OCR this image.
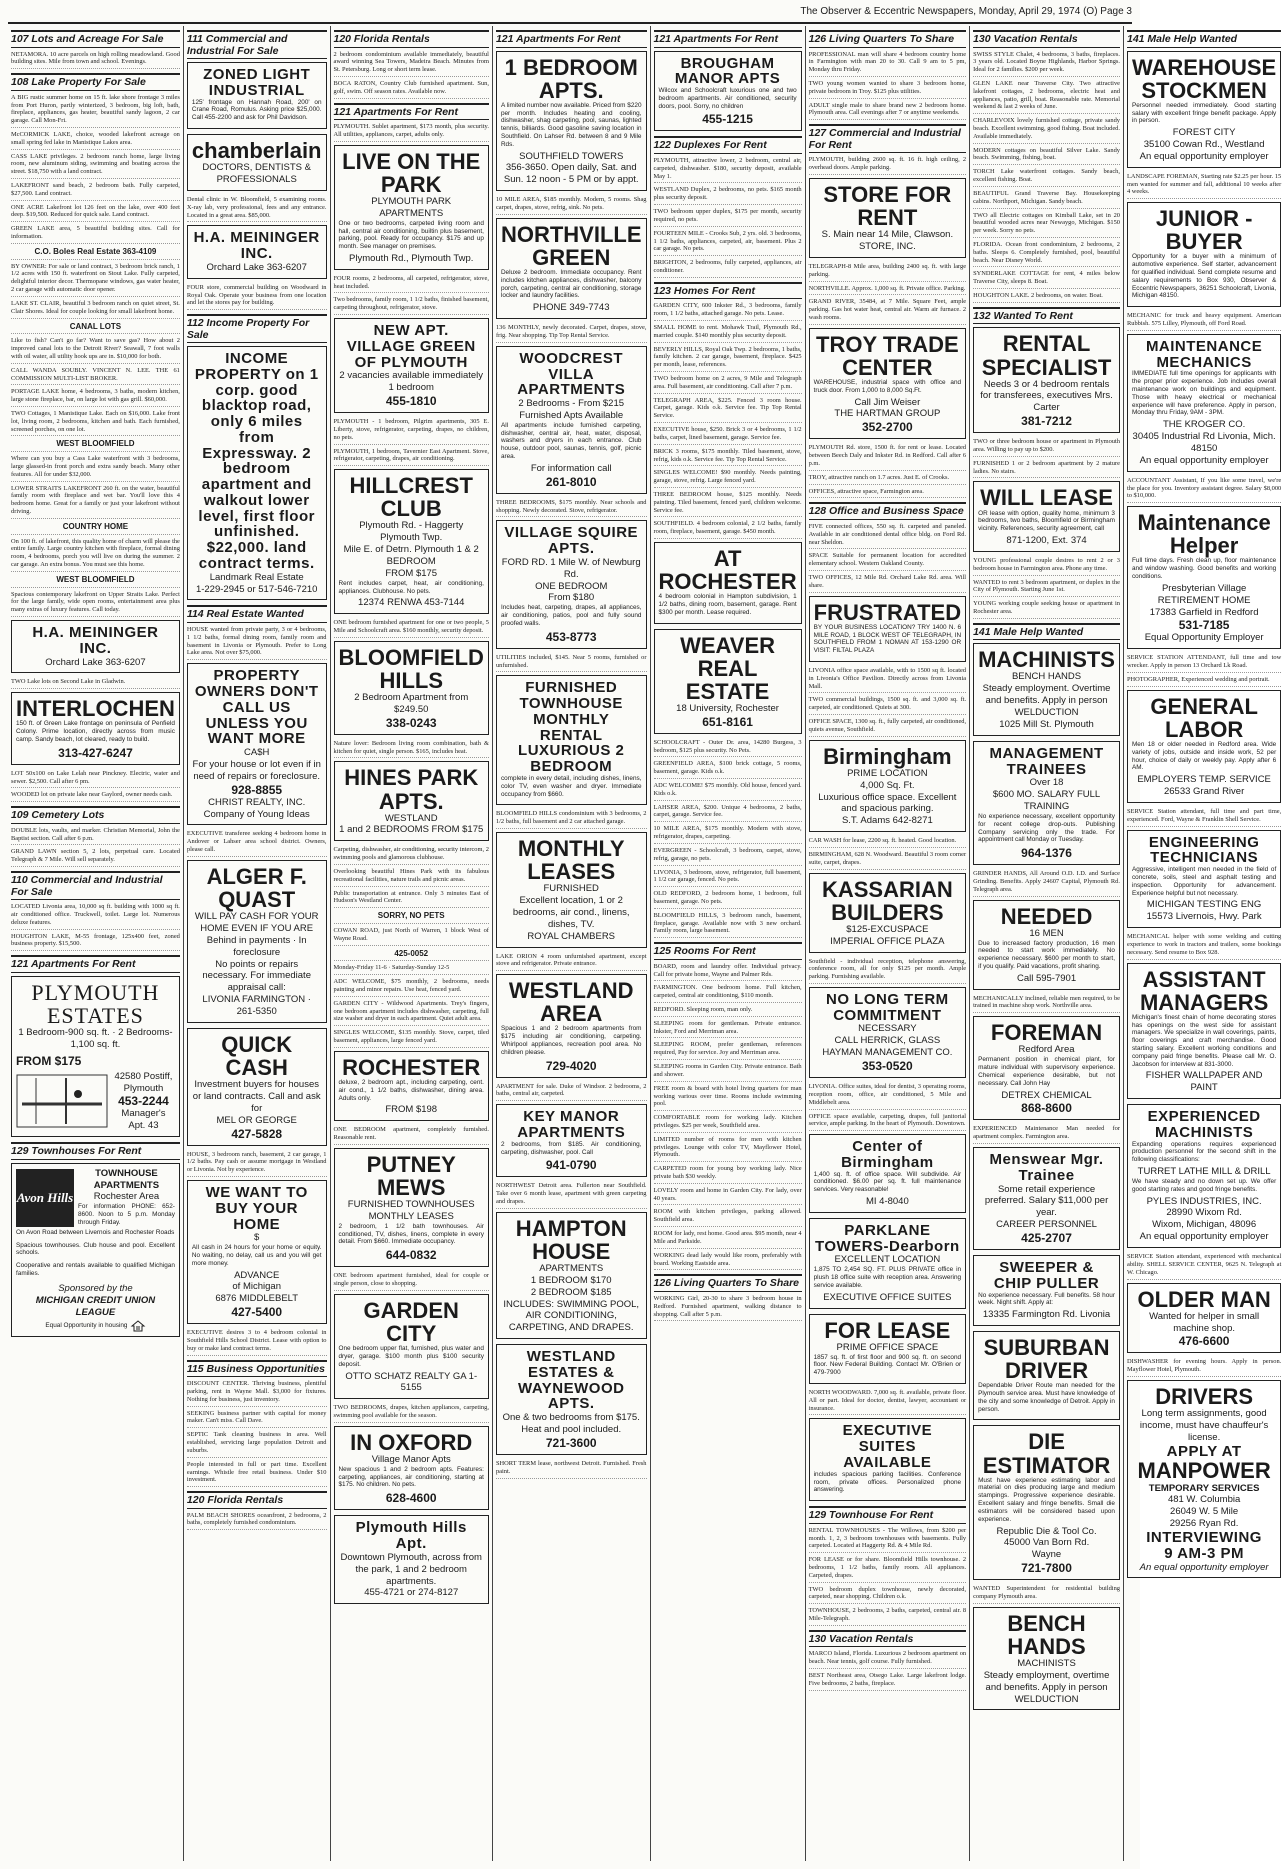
The Observer & Eccentric Newspapers, Monday, April 29, 1974 (O) Page 3
107 Lots and Acreage For Sale
NETAMORA. 10 acre parcels on high rolling meadowland. Good building sites. Mile from town and school. Evenings.
108 Lake Property For Sale
A BIG rustic summer home on 15 ft. lake shore frontage 3 miles from Port Huron, partly winterized, 3 bedroom, big loft, bath, fireplace, appliances, gas heater, beautiful sandy lagoon, 2 car garage. Call Mon-Fri.
McCORMICK LAKE, choice, wooded lakefront acreage on small spring fed lake in Manistique Lakes area.
CASS LAKE privileges. 2 bedroom ranch home, large living room, new aluminum siding, swimming and boating across the street. $18,750 with a land contract.
LAKEFRONT sand beach, 2 bedroom bath. Fully carpeted, $27,500. Land contract.
ONE ACRE Lakefront lot 126 feet on the lake, over 400 feet deep. $19,500. Reduced for quick sale. Land contract.
GREEN LAKE area, 5 beautiful building sites. Call for information.
C.O. Boles Real Estate 363-4109
BY OWNER: For sale or land contract, 3 bedroom brick ranch, 1 1/2 acres with 150 ft. waterfront on Stout Lake. Fully carpeted, delightful interior decor. Thermopane windows, gas water heater, 2 car garage with automatic door opener.
LAKE ST. CLAIR, beautiful 3 bedroom ranch on quiet street, St. Clair Shores. Ideal for couple looking for small lakefront home.
CANAL LOTS
Like to fish? Can't go far? Want to save gas? How about 2 improved canal lots to the Detroit River? Seawall, 7 foot walls with oil water, all utility hook ups are in. $10,000 for both.
CALL WANDA SOUBLY. VINCENT N. LEE. THE 61 COMMISSION MULTI-LIST BROKER.
PORTAGE LAKE home, 4 bedrooms, 3 baths, modern kitchen, large stone fireplace, bar, on large lot with gas grill. $60,000.
TWO Cottages, 1 Manistique Lake. Each on $16,000. Lake front lot, living room, 2 bedrooms, kitchen and bath. Each furnished, screened porches, on one lot.
WEST BLOOMFIELD
Where can you buy a Cass Lake waterfront with 3 bedrooms, large glassed-in front porch and extra sandy beach. Many other features. All for under $32,000.
LOWER STRAITS LAKEFRONT 260 ft. on the water, beautiful family room with fireplace and wet bar. You'll love this 4 bedroom home. Great for a family or just your lakefront without driving.
COUNTRY HOME
On 100 ft. of lakefront, this quality home of charm will please the entire family. Large country kitchen with fireplace, formal dining room, 4 bedrooms, porch you will live on during the summer. 2 car garage. An extra bonus. You must see this home.
WEST BLOOMFIELD
Spacious contemporary lakefront on Upper Straits Lake. Perfect for the large family, wide open rooms, entertainment area plus many extras of luxury features. Call today.
H.A. MEININGER INC.
Orchard Lake 363-6207
TWO Lake lots on Second Lake in Gladwin.
INTERLOCHEN
150 ft. of Green Lake frontage on peninsula of Penfield Colony. Prime location, directly across from music camp. Sandy beach, lot cleared, ready to build.
313-427-6247
LOT 50x100 on Lake Lelah near Pinckney. Electric, water and sewer. $2,500. Call after 6 pm.
WOODED lot on private lake near Gaylord, owner needs cash.
109 Cemetery Lots
DOUBLE lots, vaults, and marker. Christian Memorial, John the Baptist section. Call after 6 p.m.
GRAND LAWN section 5, 2 lots, perpetual care. Located Telegraph & 7 Mile. Will sell separately.
110 Commercial and Industrial For Sale
LOCATED Livonia area, 10,000 sq ft. building with 1000 sq ft. air conditioned office. Truckwell, toilet. Large lot. Numerous deluxe features.
HOUGHTON LAKE, M-55 frontage, 125x400 feet, zoned business property. $15,500.
121 Apartments For Rent
PLYMOUTH ESTATES
1 Bedroom-900 sq. ft. · 2 Bedrooms-1,100 sq. ft.
FROM $175
42580 Postiff, Plymouth
453-2244
Manager's Apt. 43
129 Townhouses For Rent
Avon Hills
TOWNHOUSE APARTMENTS
Rochester Area
For information PHONE: 652-8600. Noon to 5 p.m. Monday through Friday.
On Avon Road between Livernois and Rochester Roads
Spacious townhouses. Club house and pool. Excellent schools.
Cooperative and rentals available to qualified Michigan families.
Sponsored by the
MICHIGAN CREDIT UNION LEAGUE
Equal Opportunity in housing
111 Commercial and Industrial For Sale
ZONED LIGHT INDUSTRIAL
125' frontage on Hannah Road, 200' on Crane Road, Romulus. Asking price $25,000. Call 455-2200 and ask for Phil Davidson.
chamberlain
DOCTORS, DENTISTS & PROFESSIONALS
Dental clinic in W. Bloomfield, 5 examining rooms. X-ray lab, very professional, fees and any entrance. Located in a great area. $85,000.
H.A. MEININGER INC.
Orchard Lake 363-6207
FOUR store, commercial building on Woodward in Royal Oak. Operate your business from one location and let the stores pay for building.
112 Income Property For Sale
INCOME PROPERTY on 1 corp. good blacktop road, only 6 miles from Expressway. 2 bedroom apartment and walkout lower level, first floor unfinished. $22,000. land contract terms.
Landmark Real Estate
1-229-2945 or 517-546-7210
114 Real Estate Wanted
HOUSE wanted from private party, 3 or 4 bedrooms, 1 1/2 baths, formal dining room, family room and basement in Livonia or Plymouth. Prefer to Long Lake area. Not over $75,000.
PROPERTY OWNERS DON'T CALL US UNLESS YOU WANT MORE
CA$H
For your house or lot even if in need of repairs or foreclosure.
928-8855
CHRIST REALTY, INC. Company of Young Ideas
EXECUTIVE transferee seeking 4 bedroom home in Andover or Lahser area school district. Owners, please call.
ALGER F. QUAST
WILL PAY CASH FOR YOUR HOME EVEN IF YOU ARE
Behind in payments · In foreclosure
No points or repairs necessary. For immediate appraisal call:
LIVONIA FARMINGTON · 261-5350
QUICK CASH
Investment buyers for houses or land contracts. Call and ask for
MEL OR GEORGE
427-5828
HOUSE, 3 bedroom ranch, basement, 2 car garage, 1 1/2 baths. Pay cash or assume mortgage in Westland or Livonia. Not by experience.
WE WANT TO BUY YOUR HOME
$
All cash in 24 hours for your home or equity. No waiting, no delay, call us and you will get more money.
ADVANCE
of Michigan
6876 MIDDLEBELT
427-5400
EXECUTIVE desires 3 to 4 bedroom colonial in Southfield Hills School District. Lease with option to buy or make land contract terms.
115 Business Opportunities
DISCOUNT CENTER. Thriving business, plentiful parking, rent in Wayne Mall. $3,000 for fixtures. Nothing for business, just inventory.
SEEKING business partner with capital for money maker. Can't miss. Call Dave.
SEPTIC Tank cleaning business in area. Well established, servicing large population Detroit and suburbs.
People interested in full or part time. Excellent earnings. Whistle free retail business. Under $10 investment.
120 Florida Rentals
PALM BEACH SHORES oceanfront, 2 bedrooms, 2 baths, completely furnished condominium.
120 Florida Rentals
2 bedroom condominium available immediately, beautiful award winning Sea Towers, Madeira Beach. Minutes from St. Petersburg. Long or short term lease.
BOCA RATON, Country Club furnished apartment. Sun, golf, swim. Off season rates. Available now.
121 Apartments For Rent
PLYMOUTH. Sublet apartment, $173 month, plus security. All utilities, appliances, carpet, adults only.
LIVE ON THE PARK
PLYMOUTH PARK APARTMENTS
One or two bedrooms, carpeted living room and hall, central air conditioning, builtin plus basement, parking, pool. Ready for occupancy. $175 and up month. See manager on premises.
Plymouth Rd., Plymouth Twp.
FOUR rooms, 2 bedrooms, all carpeted, refrigerator, stove, heat included.
Two bedrooms, family room, 1 1/2 baths, finished basement, carpeting throughout, refrigerator, stove.
NEW APT. VILLAGE GREEN OF PLYMOUTH
2 vacancies available immediately
1 bedroom
455-1810
PLYMOUTH - 1 bedroom, Pilgrim apartments, 305 E. Liberty, stove, refrigerator, carpeting, drapes, no children, no pets.
PLYMOUTH, 1 bedroom, Tavernier East Apartment. Stove, refrigerator, carpeting, drapes, air conditioning.
HILLCREST CLUB
Plymouth Rd. - Haggerty Plymouth Twp.
Mile E. of Detrn. Plymouth 1 & 2 BEDROOM
FROM $175
Rent includes carpet, heat, air conditioning, appliances. Clubhouse. No pets.
12374 RENWA 453-7144
ONE bedroom furnished apartment for one or two people, 5 Mile and Schoolcraft area. $160 monthly, security deposit.
BLOOMFIELD HILLS
2 Bedroom Apartment from $249.50
338-0243
Nature lover: Bedroom living room combination, bath & kitchen for quiet, single person. $165, includes heat.
HINES PARK APTS.
WESTLAND
1 and 2 BEDROOMS FROM $175
Carpeting, dishwasher, air conditioning, security intercom, 2 swimming pools and glamorous clubhouse.
Overlooking beautiful Hines Park with its fabulous recreational facilities, nature trails and picnic areas.
Public transportation at entrance. Only 3 minutes East of Hudson's Westland Center.
SORRY, NO PETS
COWAN ROAD, just North of Warren, 1 block West of Wayne Road.
425-0052
Monday-Friday 11-6 · Saturday-Sunday 12-5
ADC WELCOME, $75 monthly, 2 bedrooms, needs painting and minor repairs. Use heat, fenced yard.
GARDEN CITY - Wildwood Apartments. Trey's fingers, one bedroom apartment includes dishwasher, carpeting, full size washer and dryer in each apartment. Quiet adult area.
SINGLES WELCOME, $135 monthly. Stove, carpet, tiled basement, appliances, large fenced yard.
ROCHESTER
deluxe, 2 bedroom apt., including carpeting, cent. air cond., 1 1/2 baths, dishwasher, dining area. Adults only.
FROM $198
ONE BEDROOM apartment, completely furnished. Reasonable rent.
PUTNEY MEWS
FURNISHED TOWNHOUSES MONTHLY LEASES
2 bedroom, 1 1/2 bath townhouses. Air conditioned, TV, dishes, linens, complete in every detail. From $660. Immediate occupancy.
644-0832
ONE bedroom apartment furnished, ideal for couple or single person, close to shopping.
GARDEN CITY
One bedroom upper flat, furnished, plus water and dryer, garage. $100 month plus $100 security deposit.
OTTO SCHATZ REALTY GA 1-5155
TWO BEDROOMS, drapes, kitchen appliances, carpeting, swimming pool available for the season.
IN OXFORD
Village Manor Apts
New spacious 1 and 2 bedroom apts. Features: carpeting, appliances, air conditioning, starting at $175. No children. No pets.
628-4600
Plymouth Hills Apt.
Downtown Plymouth, across from the park, 1 and 2 bedroom apartments.
455-4721 or 274-8127
121 Apartments For Rent
1 BEDROOM APTS.
A limited number now available. Priced from $220 per month. Includes heating and cooling, dishwasher, shag carpeting, pool, saunas, lighted tennis, billiards. Good gasoline saving location in Southfield. On Lahser Rd. between 8 and 9 Mile Rds.
SOUTHFIELD TOWERS
356-3650. Open daily, Sat. and Sun. 12 noon - 5 PM or by appt.
10 MILE AREA, $185 monthly. Modern, 5 rooms. Shag carpet, drapes, stove, refrig, sink. No pets.
NORTHVILLE GREEN
Deluxe 2 bedroom. Immediate occupancy. Rent includes kitchen appliances, dishwasher, balcony porch, carpeting, central air conditioning, storage locker and laundry facilities.
PHONE 349-7743
136 MONTHLY, newly decorated. Carpet, drapes, stove, frig. Near shopping. Tip Top Rental Service.
WOODCREST VILLA APARTMENTS
2 Bedrooms - From $215
Furnished Apts Available
All apartments include furnished carpeting, dishwasher, central air, heat, water, disposal, washers and dryers in each entrance. Club house, outdoor pool, saunas, tennis, golf, picnic area.
For information call
261-8010
THREE BEDROOMS, $175 monthly. Near schools and shopping. Newly decorated. Stove, refrigerator.
VILLAGE SQUIRE APTS.
FORD RD. 1 Mile W. of Newburg Rd.
ONE BEDROOM
From $180
Includes heat, carpeting, drapes, all appliances, air conditioning, patios, pool and fully sound proofed walls.
453-8773
UTILITIES included, $145. Near 5 rooms, furnished or unfurnished.
FURNISHED TOWNHOUSE MONTHLY RENTAL LUXURIOUS 2 BEDROOM
complete in every detail, including dishes, linens, color TV, even washer and dryer. Immediate occupancy from $660.
BLOOMFIELD HILLS condominium with 3 bedrooms, 2 1/2 baths, full basement and 2 car attached garage.
MONTHLY LEASES
FURNISHED
Excellent location, 1 or 2 bedrooms, air cond., linens, dishes, TV.
ROYAL CHAMBERS
LAKE ORION 4 room unfurnished apartment, except stove and refrigerator. Private entrance.
WESTLAND AREA
Spacious 1 and 2 bedroom apartments from $175 including air conditioning, carpeting. Whirlpool appliances, recreation pool area. No children please.
729-4020
APARTMENT for sale. Duke of Windsor. 2 bedrooms, 2 baths, central air, carpeted.
KEY MANOR APARTMENTS
2 bedrooms, from $185. Air conditioning, carpeting, dishwasher, pool. Call
941-0790
NORTHWEST Detroit area. Fullerton near Southfield. Take over 6 month lease, apartment with green carpeting and drapes.
HAMPTON HOUSE
APARTMENTS
1 BEDROOM $170
2 BEDROOM $185
INCLUDES: SWIMMING POOL, AIR CONDITIONING, CARPETING, AND DRAPES.
WESTLAND ESTATES & WAYNEWOOD APTS.
One & two bedrooms from $175. Heat and pool included.
721-3600
SHORT TERM lease, northwest Detroit. Furnished. Fresh paint.
121 Apartments For Rent
BROUGHAM MANOR APTS
Wilcox and Schoolcraft luxurious one and two bedroom apartments. Air conditioned, security doors, pool. Sorry, no children
455-1215
122 Duplexes For Rent
PLYMOUTH, attractive lower, 2 bedroom, central air, carpeted, dishwasher. $180, security deposit, available May 1.
WESTLAND Duplex, 2 bedrooms, no pets. $165 month plus security deposit.
TWO bedroom upper duplex, $175 per month, security required, no pets.
FOURTEEN MILE - Crooks Sub, 2 yrs. old. 3 bedrooms, 1 1/2 baths, appliances, carpeted, air, basement. Plus 2 car garage. No pets.
BRIGHTON, 2 bedrooms, fully carpeted, appliances, air conditioner.
123 Homes For Rent
GARDEN CITY, 600 Inkster Rd., 3 bedrooms, family room, 1 1/2 baths, attached garage. No pets. Lease.
SMALL HOME to rent. Mohawk Trail, Plymouth Rd., married couple. $140 monthly plus security deposit.
BEVERLY HILLS, Royal Oak Twp. 2 bedrooms, 1 baths, family kitchen. 2 car garage, basement, fireplace. $425 per month, lease, references.
TWO bedroom home on 2 acres, 9 Mile and Telegraph area. Full basement, air conditioning. Call after 7 p.m.
TELEGRAPH AREA, $225. Fenced 3 room house. Carpet, garage. Kids o.k. Service fee. Tip Top Rental Service.
EXECUTIVE house, $250. Brick 3 or 4 bedrooms, 1 1/2 baths, carpet, lined basement, garage. Service fee.
BRICK 3 rooms, $175 monthly. Tiled basement, stove, refrig, kids o.k. Service fee. Tip Top Rental Service.
SINGLES WELCOME! $90 monthly. Needs painting, garage, stove, refrig. Large fenced yard.
THREE BEDROOM house, $125 monthly. Needs painting. Tiled basement, fenced yard, children welcome. Service fee.
SOUTHFIELD. 4 bedroom colonial, 2 1/2 baths, family room, fireplace, basement, garage. $450 month.
AT ROCHESTER
4 bedroom colonial in Hampton subdivision, 1 1/2 baths, dining room, basement, garage. Rent $300 per month. Lease required.
WEAVER REAL ESTATE
18 University, Rochester
651-8161
SCHOOLCRAFT - Outer Dr. area, 14280 Burgess, 3 bedroom, $125 plus security. No Pets.
GREENFIELD AREA, $100 brick cottage, 5 rooms, basement, garage. Kids o.k.
ADC WELCOME! $75 monthly. Old house, fenced yard. Kids o.k.
LAHSER AREA, $200. Unique 4 bedrooms, 2 baths, carpet, garage. Service fee.
10 MILE AREA, $175 monthly. Modern with stove, refrigerator, drapes, carpeting.
EVERGREEN - Schoolcraft, 3 bedroom, carpet, stove, refrig, garage, no pets.
LIVONIA, 3 bedroom, stove, refrigerator, full basement, 1 1/2 car garage, fenced. No pets.
OLD REDFORD, 2 bedroom home, 1 bedroom, full basement, garage. No pets.
BLOOMFIELD HILLS, 3 bedroom ranch, basement, fireplace, garage. Available now with 3 new orchard. Family room, large basement.
125 Rooms For Rent
BOARD, room and laundry offer. Individual privacy. Call for private home, Wayne and Palmer Rds.
FARMINGTON. One bedroom home. Full kitchen, carpeted, central air conditioning, $110 month.
REDFORD. Sleeping room, man only.
SLEEPING room for gentleman. Private entrance. Inkster, Ford and Merriman area.
SLEEPING ROOM, prefer gentleman, references required, Pay for service. Joy and Merriman area.
SLEEPING rooms in Garden City. Private entrance. Bath and shower.
FREE room & board with hotel living quarters for man working various over time. Rooms include swimming pool.
COMFORTABLE room for working lady. Kitchen privileges. $25 per week, Southfield area.
LIMITED number of rooms for men with kitchen privileges. Lounge with color TV, Mayflower Hotel, Plymouth.
CARPETED room for young boy working lady. Nice private bath $30 weekly.
LOVELY room and home in Garden City. For lady, over 40 years.
ROOM with kitchen privileges, parking allowed. Southfield area.
ROOM for lady, rest home. Good area. $95 month, near 4 Mile and Parkside.
WORKING dead lady would like room, preferably with board. Working Eastside area.
126 Living Quarters To Share
WORKING Girl, 20-30 to share 3 bedroom house in Redford. Furnished apartment, walking distance to shopping. Call after 5 p.m.
126 Living Quarters To Share
PROFESSIONAL man will share 4 bedroom country home in Farmington with man 20 to 30. Call 9 am to 5 pm, Monday thru Friday.
TWO young women wanted to share 3 bedroom home, private bedroom in Troy. $125 plus utilities.
ADULT single male to share brand new 2 bedroom home. Plymouth area. Call evenings after 7 or anytime weekends.
127 Commercial and Industrial For Rent
PLYMOUTH, building 2600 sq. ft. 16 ft. high ceiling, 2 overhead doors. Ample parking.
STORE FOR RENT
S. Main near 14 Mile, Clawson.
STORE, INC.
TELEGRAPH-8 Mile area, building 2400 sq. ft. with large parking.
NORTHVILLE. Approx. 1,000 sq. ft. Private office. Parking.
GRAND RIVER, 35484, at 7 Mile. Square Feet, ample parking. Gas hot water heat, central air. Warm air furnace. 2 wash rooms.
TROY TRADE CENTER
WAREHOUSE, industrial space with office and truck door. From 1,000 to 8,000 Sq.Ft.
Call Jim Weiser
THE HARTMAN GROUP
352-2700
PLYMOUTH Rd. store, 1500 ft. for rent or lease. Located between Beech Daly and Inkster Rd. in Redford. Call after 6 p.m.
TROY, attractive ranch on 1.7 acres. Just E. of Crooks.
OFFICES, attractive space, Farmington area.
128 Office and Business Space
FIVE connected offices, 550 sq. ft. carpeted and paneled. Available in air conditioned dental office bldg. on Ford Rd. near Sheldon.
SPACE Suitable for permanent location for accredited elementary school. Western Oakland County.
TWO OFFICES, 12 Mile Rd. Orchard Lake Rd. area. Will share.
FRUSTRATED
BY YOUR BUSINESS LOCATION? TRY 1400 N. 6 MILE ROAD, 1 BLOCK WEST OF TELEGRAPH, IN SOUTHFIELD FROM 1 NOMAN AT 153-1290 OR VISIT: FILTAL PLAZA
LIVONIA office space available, with to 1500 sq ft. located in Livonia's Office Pavilion. Directly across from Livonia Mall.
TWO commercial buildings, 1500 sq. ft. and 3,000 sq. ft. carpeted, air conditioned. Quiets at 300.
OFFICE SPACE, 1300 sq. ft., fully carpeted, air conditioned, quiets avenue, Southfield.
Birmingham
PRIME LOCATION
4,000 Sq. Ft.
Luxurious office space. Excellent and spacious parking.
S.T. Adams 642-8271
CAR WASH for lease, 2200 sq. ft. heated. Good location.
BIRMINGHAM, 628 N. Woodward. Beautiful 3 room corner suite, carpet, drapes.
KASSARIAN BUILDERS
$125-EXCUSPACE
IMPERIAL OFFICE PLAZA
Southfield - individual reception, telephone answering, conference room, all for only $125 per month. Ample parking. Furnishing available.
NO LONG TERM COMMITMENT
NECESSARY
CALL HERRICK, GLASS HAYMAN MANAGEMENT CO.
353-0520
LIVONIA. Office suites, ideal for dentist, 3 operating rooms, reception room, office, air conditioned, 5 Mile and Middlebelt area.
OFFICE space available, carpeting, drapes, full janitorial service, ample parking. In the heart of Plymouth. Downtown.
Center of Birmingham
1,400 sq. ft. of office space. Will subdivide. Air conditioned. $6.00 per sq. ft. full maintenance services. Very reasonable!
MI 4-8040
PARKLANE TOWERS-Dearborn
EXCELLENT LOCATION
1,875 TO 2,454 SQ. FT. PLUS PRIVATE office in plush 18 office suite with reception area. Answering service available.
EXECUTIVE OFFICE SUITES
FOR LEASE
PRIME OFFICE SPACE
1857 sq. ft. of first floor and 900 sq. ft. on second floor. New Federal Building. Contact Mr. O'Brien or 479-7900
NORTH WOODWARD. 7,000 sq. ft. available, private floor. All or part. Ideal for doctor, dentist, lawyer, accountant or insurance.
EXECUTIVE SUITES AVAILABLE
includes spacious parking facilities. Conference room, private offices. Personalized phone answering.
129 Townhouse For Rent
RENTAL TOWNHOUSES - The Willows, from $200 per month. 1, 2, 3 bedroom townhouses with basements. Fully carpeted. Located at Haggerty Rd. & 4 Mile Rd.
FOR LEASE or for share. Bloomfield Hills townhouse. 2 bedrooms, 1 1/2 baths, family room. All appliances. Carpeted, drapes.
TWO bedroom duplex townhouse, newly decorated, carpeted, near shopping. Children o.k.
TOWNHOUSE, 2 bedrooms, 2 baths, carpeted, central air. 8 Mile-Telegraph.
130 Vacation Rentals
MARCO Island, Florida. Luxurious 2 bedroom apartment on beach. Near tennis, golf course. Fully furnished.
BEST Northeast area, Otsego Lake. Large lakefront lodge. Five bedrooms, 2 baths, fireplace.
130 Vacation Rentals
SWISS STYLE Chalet, 4 bedrooms, 3 baths, fireplaces. 3 years old. Located Boyne Highlands, Harbor Springs. Ideal for 2 families. $200 per week.
GLEN LAKE near Traverse City. Two attractive lakefront cottages, 2 bedrooms, electric heat and appliances, patio, grill, boat. Reasonable rate. Memorial weekend & last 2 weeks of June.
CHARLEVOIX lovely furnished cottage, private sandy beach. Excellent swimming, good fishing. Boat included. Available immediately.
MODERN cottages on beautiful Silver Lake. Sandy beach. Swimming, fishing, boat.
TORCH Lake waterfront cottages. Sandy beach, excellent fishing. Boat.
BEAUTIFUL Grand Traverse Bay. Housekeeping cabins. Northport, Michigan. Sandy beach.
TWO all Electric cottages on Kimball Lake, set in 20 beautiful wooded acres near Newaygo, Michigan. $150 per week. Sorry no pets.
FLORIDA. Ocean front condominium, 2 bedrooms, 2 baths. Sleeps 6. Completely furnished, pool, beautiful beach. Near Disney World.
SYNDERLAKE COTTAGE for rent, 4 miles below Traverse City, sleeps 8. Boat.
HOUGHTON LAKE. 2 bedrooms, on water. Boat.
132 Wanted To Rent
RENTAL SPECIALIST
Needs 3 or 4 bedroom rentals for transferees, executives Mrs. Carter
381-7212
TWO or three bedroom house or apartment in Plymouth area. Willing to pay up to $200.
FURNISHED 1 or 2 bedroom apartment by 2 mature ladies. No stairs.
WILL LEASE
OR lease with option, quality home, minimum 3 bedrooms, two baths, Bloomfield or Birmingham vicinity. References, security agreement, call
871-1200, Ext. 374
YOUNG professional couple desires to rent 2 or 3 bedroom house in Farmington area. Phone any time.
WANTED to rent 3 bedroom apartment, or duplex in the City of Plymouth. Starting June 1st.
YOUNG working couple seeking house or apartment in Rochester area.
141 Male Help Wanted
MACHINISTS
BENCH HANDS
Steady employment. Overtime and benefits. Apply in person
WELDUCTION
1025 Mill St. Plymouth
MANAGEMENT TRAINEES
Over 18
$600 MO. SALARY FULL TRAINING
No experience necessary, excellent opportunity for recent college drop-outs. Publishing Company servicing only the trade. For appointment call Monday or Tuesday.
964-1376
GRINDER HANDS, All Around O.D. I.D. and Surface Grinding. Benefits. Apply 24607 Capital, Plymouth Rd. Telegraph area.
NEEDED
16 MEN
Due to increased factory production, 16 men needed to start work immediately. No experience necessary. $600 per month to start, if you qualify. Paid vacations, profit sharing.
Call 595-7901
MECHANICALLY inclined, reliable men required, to be trained in machine shop work. Northville area.
FOREMAN
Redford Area
Permanent position in chemical plant, for mature individual with supervisory experience. Chemical experience desirable, but not necessary. Call John Hay
DETREX CHEMICAL
868-8600
EXPERIENCED Maintenance Man needed for apartment complex. Farmington area.
Menswear Mgr. Trainee
Some retail experience preferred. Salary $11,000 per year.
CAREER PERSONNEL
425-2707
SWEEPER & CHIP PULLER
No experience necessary. Full benefits. 58 hour week. Night shift. Apply at:
13335 Farmington Rd. Livonia
SUBURBAN DRIVER
Dependable Driver Route man needed for the Plymouth service area. Must have knowledge of the city and some knowledge of Detroit. Apply in person.
DIE ESTIMATOR
Must have experience estimating labor and material on dies producing large and medium stampings. Progressive experience desirable. Excellent salary and fringe benefits. Small die estimators will be considered based upon experience.
Republic Die & Tool Co.
45000 Van Born Rd.
Wayne
721-7800
WANTED Superintendent for residential building company Plymouth area.
BENCH HANDS
MACHINISTS
Steady employment, overtime and benefits. Apply in person
WELDUCTION
141 Male Help Wanted
WAREHOUSE STOCKMEN
Personnel needed immediately. Good starting salary with excellent fringe benefit package. Apply in person.
FOREST CITY
35100 Cowan Rd., Westland
An equal opportunity employer
LANDSCAPE FOREMAN, Starting rate $2.25 per hour. 15 men wanted for summer and fall, additional 10 weeks after 4 weeks.
JUNIOR - BUYER
Opportunity for a buyer with a minimum of automotive experience. Self starter, advancement for qualified individual. Send complete resume and salary requirements to Box 930, Observer & Eccentric Newspapers, 36251 Schoolcraft, Livonia, Michigan 48150.
MECHANIC for truck and heavy equipment. American Rubbish. 575 Lilley, Plymouth, off Ford Road.
MAINTENANCE MECHANICS
IMMEDIATE full time openings for applicants with the proper prior experience. Job includes overall maintenance work on buildings and equipment. Those with heavy electrical or mechanical experience will have preference. Apply in person, Monday thru Friday, 9AM - 3PM.
THE KROGER CO.
30405 Industrial Rd Livonia, Mich. 48150
An equal opportunity employer
ACCOUNTANT Assistant, If you like some travel, we're the place for you. Inventory assistant degree. Salary $8,000 to $10,000.
Maintenance Helper
Full time days. Fresh clean up, floor maintenance and window washing. Good benefits and working conditions.
Presbyterian Village
RETIREMENT HOME
17383 Garfield in Redford
531-7185
Equal Opportunity Employer
SERVICE STATION ATTENDANT, full time and tow wrecker. Apply in person 13 Orchard Lk Road.
PHOTOGRAPHER, Experienced wedding and portrait.
GENERAL LABOR
Men 18 or older needed in Redford area. Wide variety of jobs, outside and inside work, 52 per hour, choice of daily or weekly pay. Apply after 6 AM.
EMPLOYERS TEMP. SERVICE
26533 Grand River
SERVICE Station attendant, full time and part time, experienced. Ford, Wayne & Franklin Shell Service.
ENGINEERING TECHNICIANS
Aggressive, intelligent men needed in the field of concrete, soils, steel and asphalt testing and inspection. Opportunity for advancement. Experience helpful but not necessary.
MICHIGAN TESTING ENG
15573 Livernois, Hwy. Park
MECHANICAL helper with some welding and cutting experience to work in tractors and trailers, some bookings necessary. Send resume to Box 928.
ASSISTANT MANAGERS
Michigan's finest chain of home decorating stores has openings on the west side for assistant managers. We specialize in wall coverings, paints, floor coverings and craft merchandise. Good starting salary. Excellent working conditions and company paid fringe benefits. Please call Mr. O. Jacobson for interview at 831-3000.
FISHER WALLPAPER AND PAINT
EXPERIENCED MACHINISTS
Expanding operations requires experienced production personnel for the second shift in the following classifications:
TURRET LATHE MILL & DRILL
We have steady and no down set up. We offer good starting rates and good fringe benefits.
PYLES INDUSTRIES, INC.
28990 Wixom Rd.
Wixom, Michigan, 48096
An equal opportunity employer
SERVICE Station attendant, experienced with mechanical ability. SHELL SERVICE CENTER, 9625 N. Telegraph at W. Chicago.
OLDER MAN
Wanted for helper in small machine shop.
476-6600
DISHWASHER for evening hours. Apply in person. Mayflower Hotel, Plymouth.
DRIVERS
Long term assignments, good income, must have chauffeur's license.
APPLY AT
MANPOWER
TEMPORARY SERVICES
481 W. Columbia
26049 W. 5 Mile
29256 Ryan Rd.
INTERVIEWING
9 AM-3 PM
An equal opportunity employer
